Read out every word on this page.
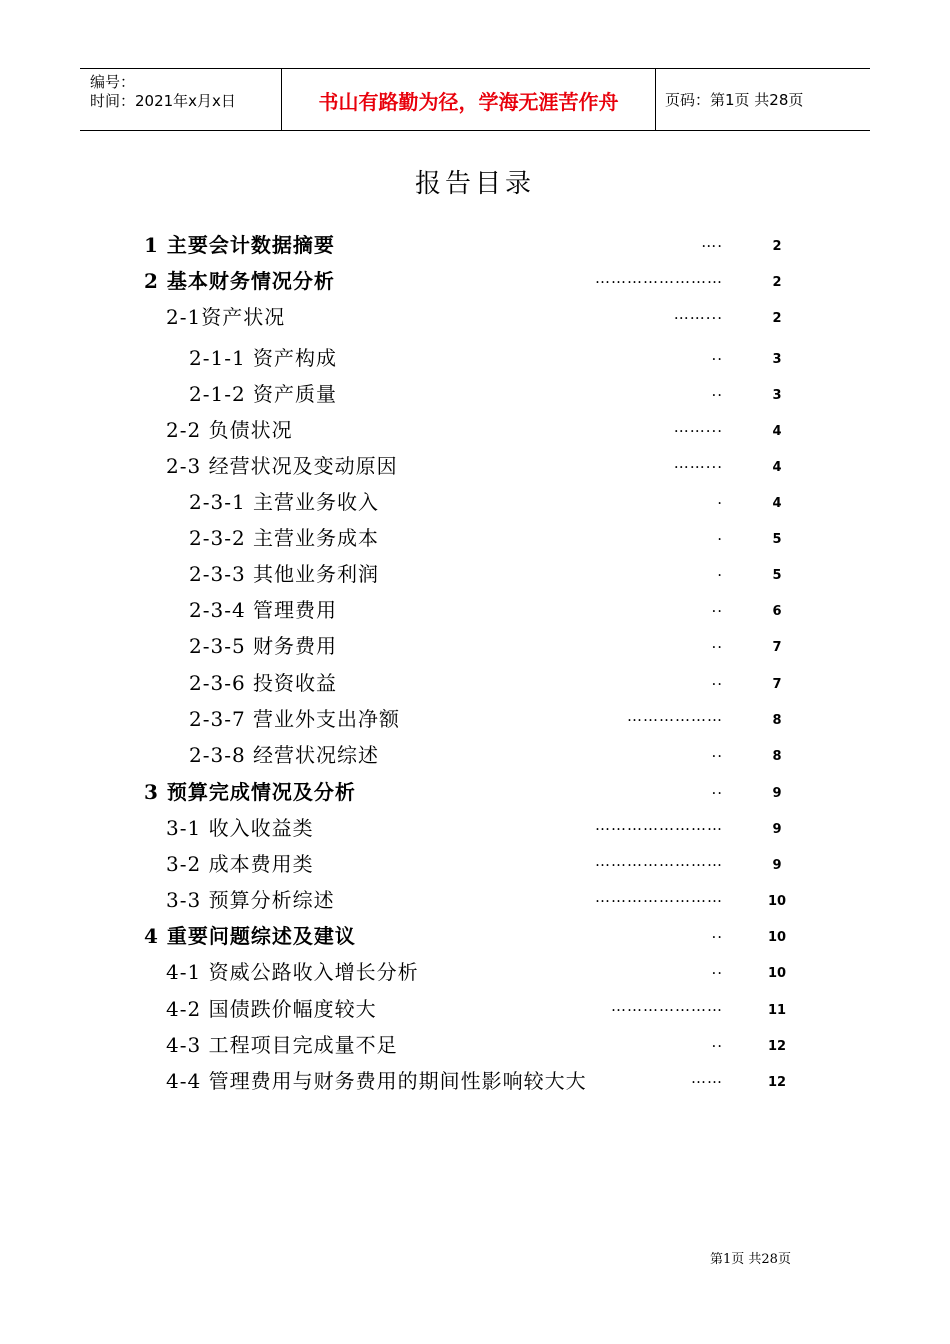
编号：
时间：2021年x月x日	书山有路勤为径，学海无涯苦作舟	页码：第1页 共28页
报告目录
1 主要会计数据摘要	….	2
2 基本财务情况分析	……………………	2
2-1资产状况	……...	2
2-1-1 资产构成	..	3
2-1-2 资产质量	..	3
2-2 负债状况	……...	4
2-3 经营状况及变动原因	……...	4
2-3-1 主营业务收入	.	4
2-3-2 主营业务成本	.	5
2-3-3 其他业务利润	.	5
2-3-4 管理费用	..	6
2-3-5 财务费用	..	7
2-3-6 投资收益	..	7
2-3-7 营业外支出净额	………………	8
2-3-8 经营状况综述	..	8
3 预算完成情况及分析	..	9
3-1 收入收益类	……………………	9
3-2 成本费用类	……………………	9
3-3 预算分析综述	……………………	10
4 重要问题综述及建议	..	10
4-1 资威公路收入增长分析	..	10
4-2 国债跌价幅度较大	…………………	11
4-3 工程项目完成量不足	..	12
4-4 管理费用与财务费用的期间性影响较大大	……	12
第1页 共28页
